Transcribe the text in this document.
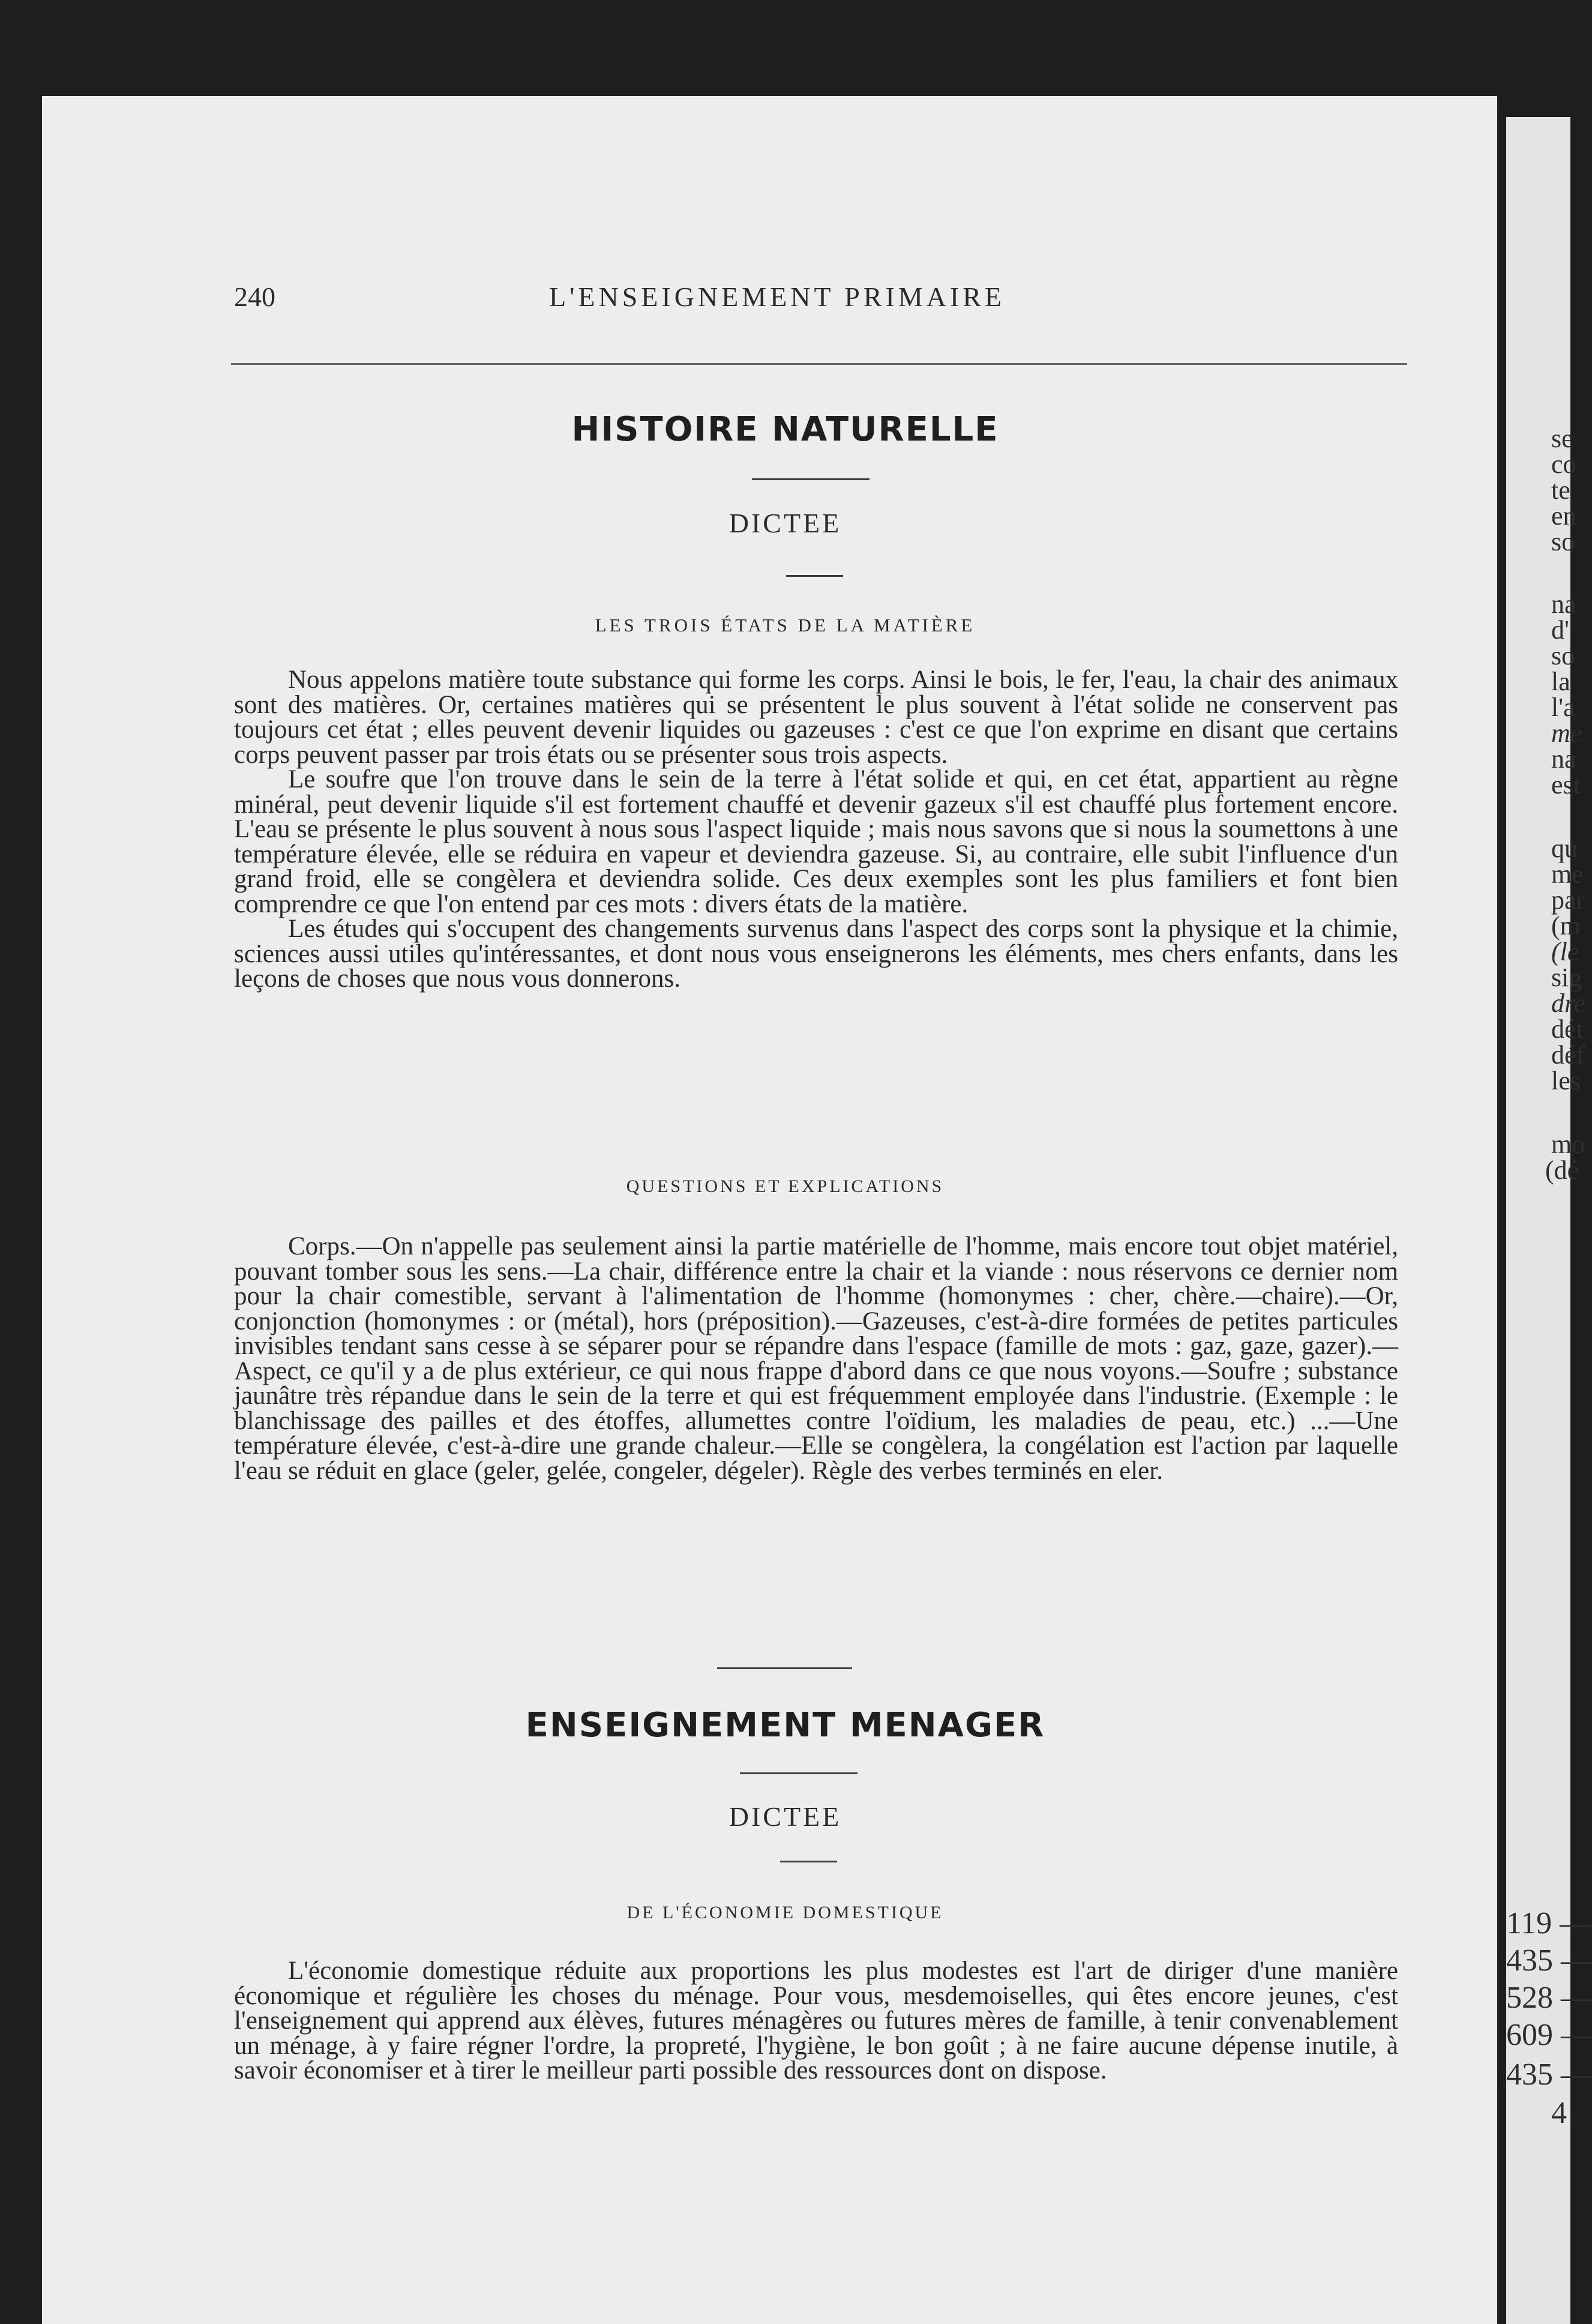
se
co
te
en
so
na
d'
so
la
l'a
me
na
est
qu
me
par
(m
(le
sig
dre
dét
déf
les
mo
(dé
119 —
435 —
528 —
609 —
435 —
4
240	L'ENSEIGNEMENT PRIMAIRE
HISTOIRE NATURELLE
DICTEE
LES TROIS ÉTATS DE LA MATIÈRE

Nous appelons matière toute substance qui forme les corps. Ainsi le bois, le fer, l'eau, la chair des animaux sont des matières. Or, certaines matières qui se présentent le plus souvent à l'état solide ne conservent pas toujours cet état ; elles peuvent devenir liquides ou gazeuses : c'est ce que l'on exprime en disant que certains corps peuvent passer par trois états ou se présenter sous trois aspects.

Le soufre que l'on trouve dans le sein de la terre à l'état solide et qui, en cet état, appartient au règne minéral, peut devenir liquide s'il est fortement chauffé et devenir gazeux s'il est chauffé plus fortement encore. L'eau se présente le plus souvent à nous sous l'aspect liquide ; mais nous savons que si nous la soumettons à une température élevée, elle se réduira en vapeur et deviendra gazeuse. Si, au contraire, elle subit l'influence d'un grand froid, elle se congèlera et deviendra solide. Ces deux exemples sont les plus familiers et font bien comprendre ce que l'on entend par ces mots : divers états de la matière.

Les études qui s'occupent des changements survenus dans l'aspect des corps sont la physique et la chimie, sciences aussi utiles qu'intéressantes, et dont nous vous enseignerons les éléments, mes chers enfants, dans les leçons de choses que nous vous donnerons.

QUESTIONS ET EXPLICATIONS

Corps.—On n'appelle pas seulement ainsi la partie matérielle de l'homme, mais encore tout objet matériel, pouvant tomber sous les sens.—La chair, différence entre la chair et la viande : nous réservons ce dernier nom pour la chair comestible, servant à l'alimentation de l'homme (homonymes : cher, chère.—chaire).—Or, conjonction (homonymes : or (métal), hors (préposition).—Gazeuses, c'est-à-dire formées de petites particules invisibles tendant sans cesse à se séparer pour se répandre dans l'espace (famille de mots : gaz, gaze, gazer).—Aspect, ce qu'il y a de plus extérieur, ce qui nous frappe d'abord dans ce que nous voyons.—Soufre ; substance jaunâtre très répandue dans le sein de la terre et qui est fréquemment employée dans l'industrie. (Exemple : le blanchissage des pailles et des étoffes, allumettes contre l'oïdium, les maladies de peau, etc.) ...—Une température élevée, c'est-à-dire une grande chaleur.—Elle se congèlera, la congélation est l'action par laquelle l'eau se réduit en glace (geler, gelée, congeler, dégeler). Règle des verbes terminés en eler.

ENSEIGNEMENT MENAGER
DICTEE
DE L'ÉCONOMIE DOMESTIQUE

L'économie domestique réduite aux proportions les plus modestes est l'art de diriger d'une manière économique et régulière les choses du ménage. Pour vous, mesdemoiselles, qui êtes encore jeunes, c'est l'enseignement qui apprend aux élèves, futures ménagères ou futures mères de famille, à tenir convenablement un ménage, à y faire régner l'ordre, la propreté, l'hygiène, le bon goût ; à ne faire aucune dépense inutile, à savoir économiser et à tirer le meilleur parti possible des ressources dont on dispose.
